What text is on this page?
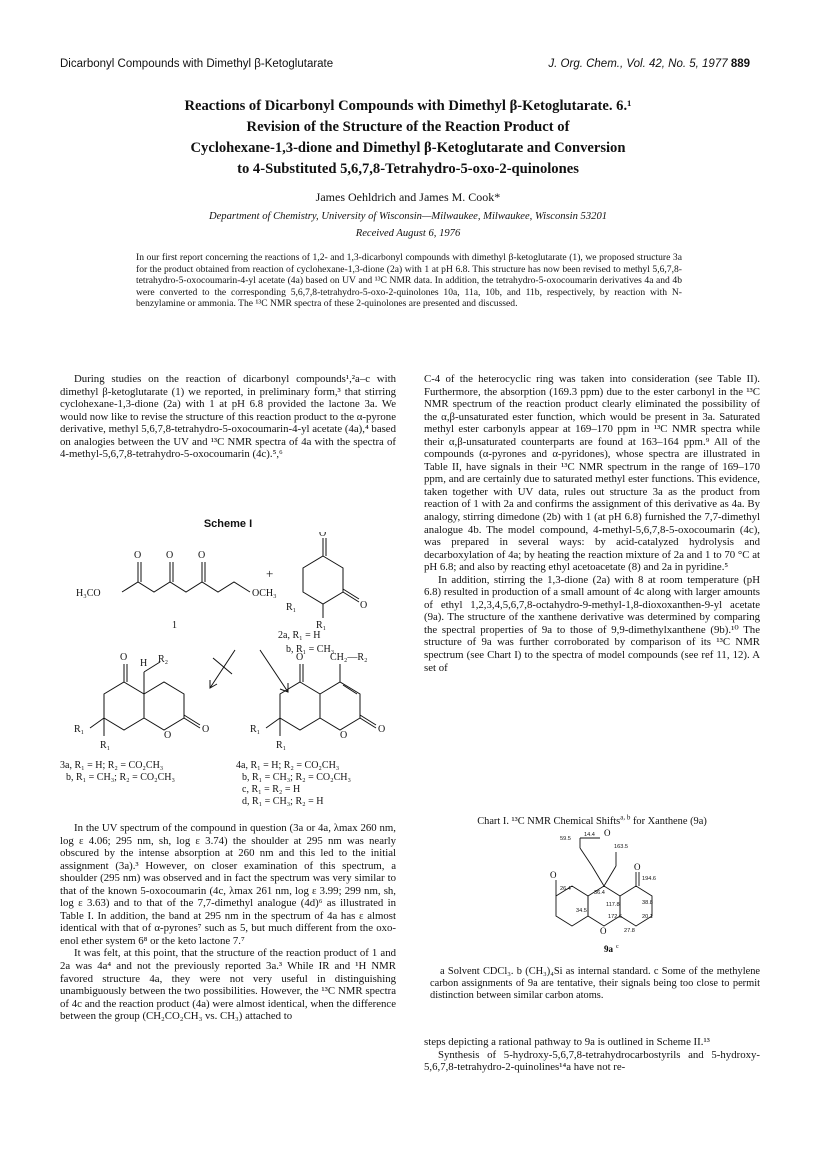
Dicarbonyl Compounds with Dimethyl β-Ketoglutarate	J. Org. Chem., Vol. 42, No. 5, 1977 889
Reactions of Dicarbonyl Compounds with Dimethyl β-Ketoglutarate. 6.¹
Revision of the Structure of the Reaction Product of
Cyclohexane-1,3-dione and Dimethyl β-Ketoglutarate and Conversion
to 4-Substituted 5,6,7,8-Tetrahydro-5-oxo-2-quinolones
James Oehldrich and James M. Cook*
Department of Chemistry, University of Wisconsin—Milwaukee, Milwaukee, Wisconsin 53201
Received August 6, 1976

In our first report concerning the reactions of 1,2- and 1,3-dicarbonyl compounds with dimethyl β-ketoglutarate (1), we proposed structure 3a for the product obtained from reaction of cyclohexane-1,3-dione (2a) with 1 at pH 6.8. This structure has now been revised to methyl 5,6,7,8-tetrahydro-5-oxocoumarin-4-yl acetate (4a) based on UV and ¹³C NMR data. In addition, the tetrahydro-5-oxocoumarin derivatives 4a and 4b were converted to the corresponding 5,6,7,8-tetrahydro-5-oxo-2-quinolones 10a, 11a, 10b, and 11b, respectively, by reaction with N-benzylamine or ammonia. The ¹³C NMR spectra of these 2-quinolones are presented and discussed.

During studies on the reaction of dicarbonyl compounds¹,²a–c with dimethyl β-ketoglutarate (1) we reported, in preliminary form,³ that stirring cyclohexane-1,3-dione (2a) with 1 at pH 6.8 provided the lactone 3a. We would now like to revise the structure of this reaction product to the α-pyrone derivative, methyl 5,6,7,8-tetrahydro-5-oxocoumarin-4-yl acetate (4a),⁴ based on analogies between the UV and ¹³C NMR spectra of 4a with the spectra of 4-methyl-5,6,7,8-tetrahydro-5-oxocoumarin (4c).⁵,⁶

Scheme I
H₃CO	OCH₃
O O O
+
1
O
O
R₁
R₁
2a, R₁ = H
b, R₁ = CH₃
H R₂
O
O
O
R₁
R₁
O	CH₂—R₂
O
O
R₁
R₁
3a, R₁ = H; R₂ = CO₂CH₃
b, R₁ = CH₃; R₂ = CO₂CH₃
4a, R₁ = H; R₂ = CO₂CH₃
b, R₁ = CH₃; R₂ = CO₂CH₃
c, R₁ = R₂ = H
d, R₁ = CH₃; R₂ = H

In the UV spectrum of the compound in question (3a or 4a, λmax 260 nm, log ε 4.06; 295 nm, sh, log ε 3.74) the shoulder at 295 nm was nearly obscured by the intense absorption at 260 nm and this led to the initial assignment (3a).³ However, on closer examination of this spectrum, a shoulder (295 nm) was observed and in fact the spectrum was very similar to that of the known 5-oxocoumarin (4c, λmax 261 nm, log ε 3.99; 299 nm, sh, log ε 3.63) and to that of the 7,7-dimethyl analogue (4d)⁶ as illustrated in Table I. In addition, the band at 295 nm in the spectrum of 4a has ε almost identical with that of α-pyrones⁷ such as 5, but much different from the oxo-enol ether system 6⁸ or the keto lactone 7.⁷

It was felt, at this point, that the structure of the reaction product of 1 and 2a was 4a⁴ and not the previously reported 3a.³ While IR and ¹H NMR favored structure 4a, they were not very useful in distinguishing unambiguously between the two possibilities. However, the ¹³C NMR spectra of 4c and the reaction product (4a) were almost identical, when the difference between the group (CH₂CO₂CH₃ vs. CH₃) attached to

C-4 of the heterocyclic ring was taken into consideration (see Table II). Furthermore, the absorption (169.3 ppm) due to the ester carbonyl in the ¹³C NMR spectrum of the reaction product clearly eliminated the possibility of the α,β-unsaturated ester function, which would be present in 3a. Saturated methyl ester carbonyls appear at 169–170 ppm in ¹³C NMR spectra while their α,β-unsaturated counterparts are found at 163–164 ppm.⁹ All of the compounds (α-pyrones and α-pyridones), whose spectra are illustrated in Table II, have signals in their ¹³C NMR spectrum in the range of 169–170 ppm, and are certainly due to saturated methyl ester functions. This evidence, taken together with UV data, rules out structure 3a as the product from reaction of 1 with 2a and confirms the assignment of this derivative as 4a. By analogy, stirring dimedone (2b) with 1 (at pH 6.8) furnished the 7,7-dimethyl analogue 4b. The model compound, 4-methyl-5,6,7,8-5-oxocoumarin (4c), was prepared in several ways: by acid-catalyzed hydrolysis and decarboxylation of 4a; by heating the reaction mixture of 2a and 1 to 70 °C at pH 6.8; and also by reacting ethyl acetoacetate (8) and 2a in pyridine.⁵

In addition, stirring the 1,3-dione (2a) with 8 at room temperature (pH 6.8) resulted in production of a small amount of 4c along with larger amounts of ethyl 1,2,3,4,5,6,7,8-octahydro-9-methyl-1,8-dioxoxanthen-9-yl acetate (9a). The structure of the xanthene derivative was determined by comparing the spectral properties of 9a to those of 9,9-dimethylxanthene (9b).¹⁰ The structure of 9a was further corroborated by comparison of its ¹³C NMR spectrum (see Chart I) to the spectra of model compounds (see ref 11, 12). A set of

Chart I. ¹³C NMR Chemical Shifts$^{a, b}$ for Xanthene (9a)
59.5
14.4
163.5
26.4
36.4
194.6
34.5
117.8	38.8
172.6	20.1
27.8
O
O
O
O
9a c

a Solvent CDCl₃. b (CH₃)₄Si as internal standard. c Some of the methylene carbon assignments of 9a are tentative, their signals being too close to permit distinction between similar carbon atoms.

steps depicting a rational pathway to 9a is outlined in Scheme II.¹³

Synthesis of 5-hydroxy-5,6,7,8-tetrahydrocarbostyrils and 5-hydroxy-5,6,7,8-tetrahydro-2-quinolines¹⁴a have not re-
